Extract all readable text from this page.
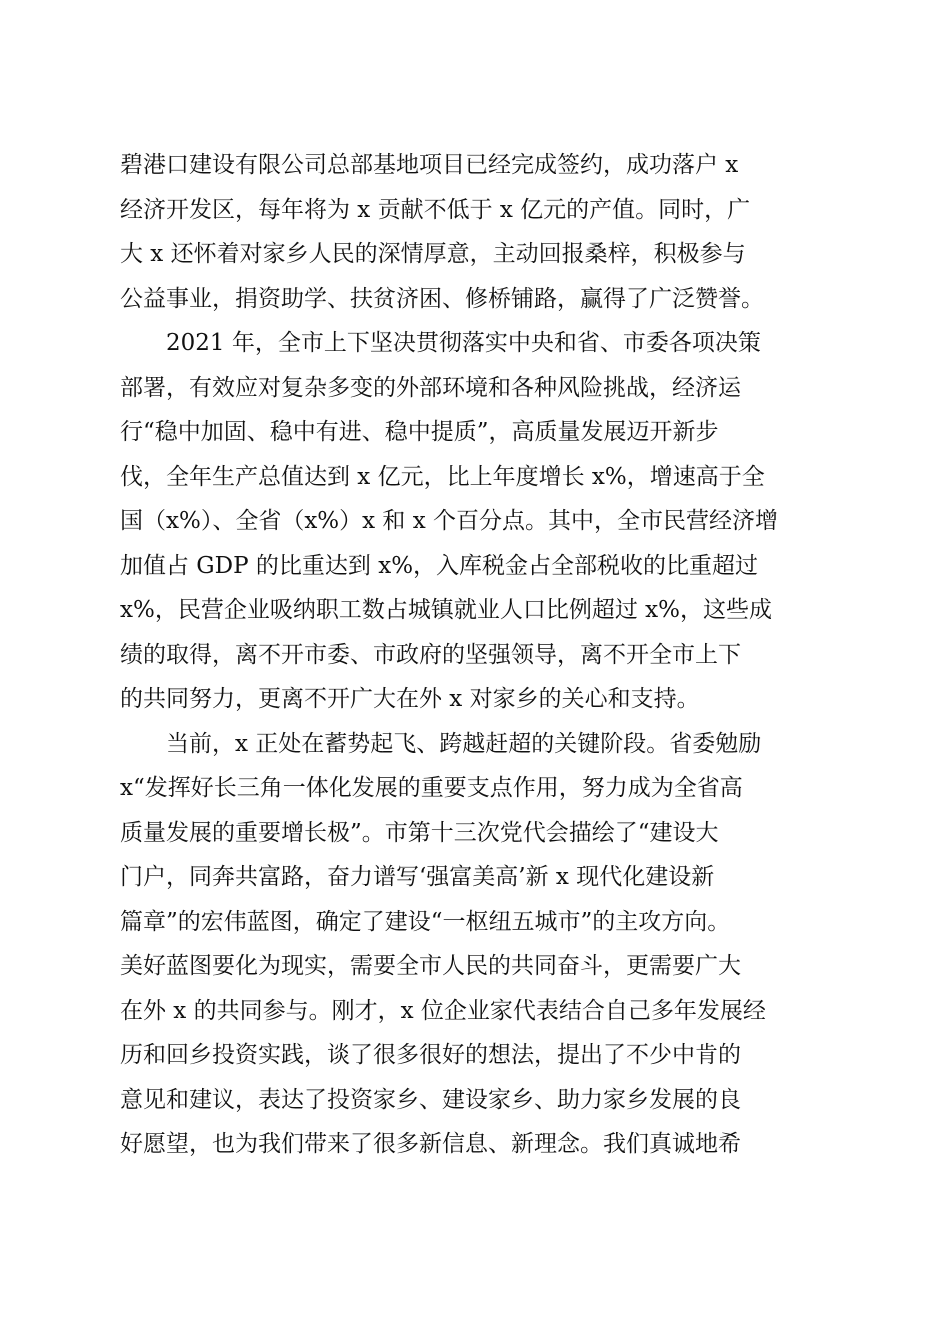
碧港口建设有限公司总部基地项目已经完成签约，成功落户 x
经济开发区，每年将为 x 贡献不低于 x 亿元的产值。同时，广
大 x 还怀着对家乡人民的深情厚意，主动回报桑梓，积极参与
公益事业，捐资助学、扶贫济困、修桥铺路，赢得了广泛赞誉。
　　2021 年，全市上下坚决贯彻落实中央和省、市委各项决策
部署，有效应对复杂多变的外部环境和各种风险挑战，经济运
行“稳中加固、稳中有进、稳中提质”，高质量发展迈开新步
伐，全年生产总值达到 x 亿元，比上年度增长 x%，增速高于全
国（x%）、全省（x%）x 和 x 个百分点。其中，全市民营经济增
加值占 GDP 的比重达到 x%，入库税金占全部税收的比重超过
x%，民营企业吸纳职工数占城镇就业人口比例超过 x%，这些成
绩的取得，离不开市委、市政府的坚强领导，离不开全市上下
的共同努力，更离不开广大在外 x 对家乡的关心和支持。
　　当前，x 正处在蓄势起飞、跨越赶超的关键阶段。省委勉励
x“发挥好长三角一体化发展的重要支点作用，努力成为全省高
质量发展的重要增长极”。市第十三次党代会描绘了“建设大
门户，同奔共富路，奋力谱写‘强富美高’新 x 现代化建设新
篇章”的宏伟蓝图，确定了建设“一枢纽五城市”的主攻方向。
美好蓝图要化为现实，需要全市人民的共同奋斗，更需要广大
在外 x 的共同参与。刚才，x 位企业家代表结合自己多年发展经
历和回乡投资实践，谈了很多很好的想法，提出了不少中肯的
意见和建议，表达了投资家乡、建设家乡、助力家乡发展的良
好愿望，也为我们带来了很多新信息、新理念。我们真诚地希
